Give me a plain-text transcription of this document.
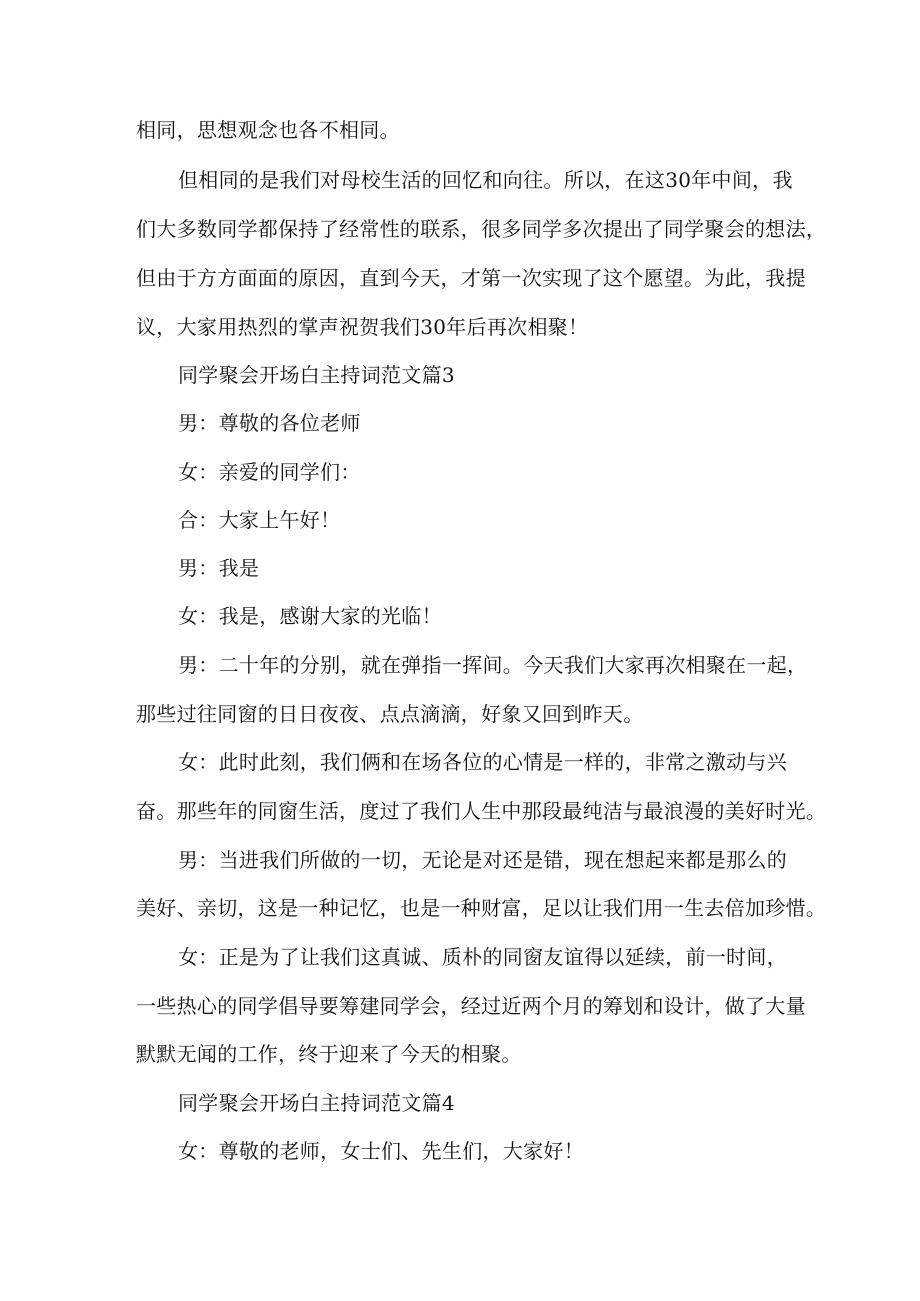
相同，思想观念也各不相同。
但相同的是我们对母校生活的回忆和向往。所以，在这30年中间，我
们大多数同学都保持了经常性的联系，很多同学多次提出了同学聚会的想法，
但由于方方面面的原因，直到今天，才第一次实现了这个愿望。为此，我提
议，大家用热烈的掌声祝贺我们30年后再次相聚！
同学聚会开场白主持词范文篇3
男：尊敬的各位老师
女：亲爱的同学们：
合：大家上午好！
男：我是
女：我是，感谢大家的光临！
男：二十年的分别，就在弹指一挥间。今天我们大家再次相聚在一起，
那些过往同窗的日日夜夜、点点滴滴，好象又回到昨天。
女：此时此刻，我们俩和在场各位的心情是一样的，非常之激动与兴
奋。那些年的同窗生活，度过了我们人生中那段最纯洁与最浪漫的美好时光。
男：当进我们所做的一切，无论是对还是错，现在想起来都是那么的
美好、亲切，这是一种记忆，也是一种财富，足以让我们用一生去倍加珍惜。
女：正是为了让我们这真诚、质朴的同窗友谊得以延续，前一时间，
一些热心的同学倡导要筹建同学会，经过近两个月的筹划和设计，做了大量
默默无闻的工作，终于迎来了今天的相聚。
同学聚会开场白主持词范文篇4
女：尊敬的老师，女士们、先生们，大家好！
